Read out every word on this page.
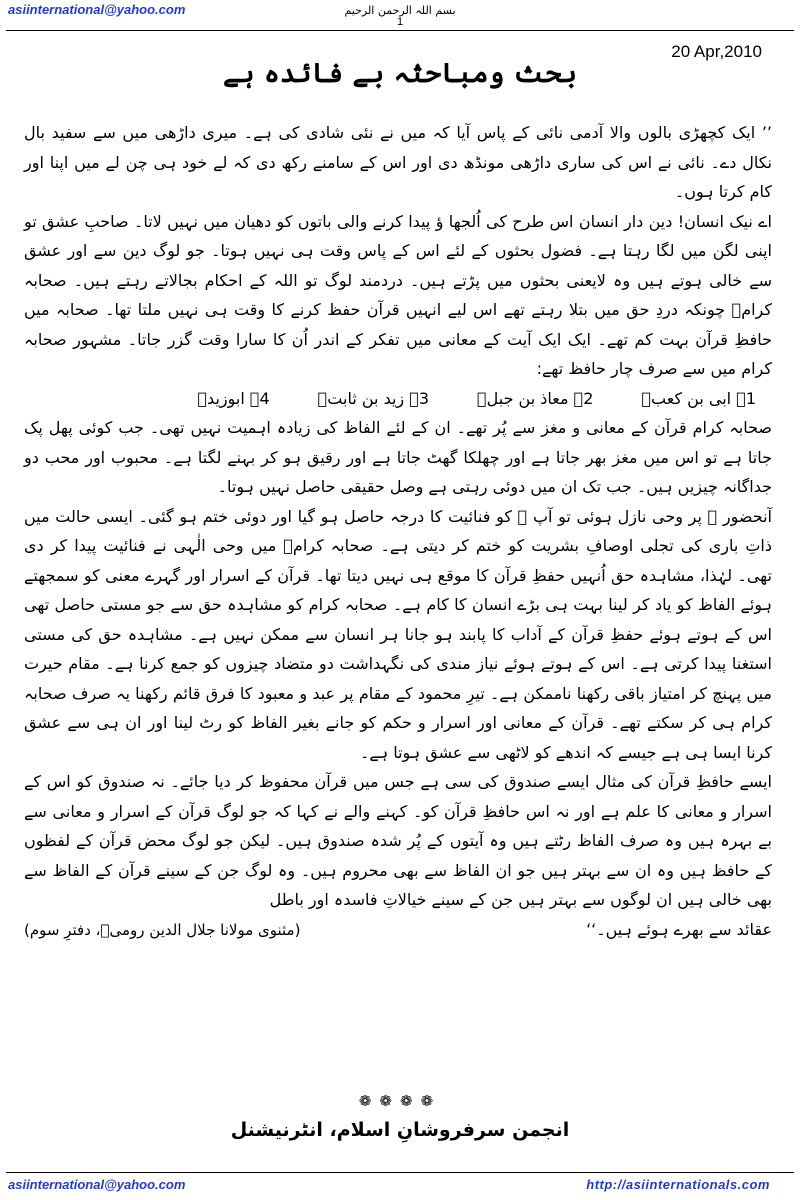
asiinternational@yahoo.com	بسم اللہ الرحمن الرحیم
1
20 Apr,2010
بحث ومباحثہ بے فائدہ ہے

’’ ایک کچھڑی بالوں والا آدمی نائی کے پاس آیا کہ میں نے نئی شادی کی ہے۔ میری داڑھی میں سے سفید بال نکال دے۔ نائی نے اس کی ساری داڑھی مونڈھ دی اور اس کے سامنے رکھ دی کہ لے خود ہی چن لے میں اپنا اور کام کرتا ہوں۔

اے نیک انسان! دین دار انسان اس طرح کی اُلجھا ؤ پیدا کرنے والی باتوں کو دھیان میں نہیں لاتا۔ صاحبِ عشق تو اپنی لگن میں لگا رہتا ہے۔ فضول بحثوں کے لئے اس کے پاس وقت ہی نہیں ہوتا۔ جو لوگ دین سے اور عشق سے خالی ہوتے ہیں وہ لایعنی بحثوں میں پڑتے ہیں۔ دردمند لوگ تو اللہ کے احکام بجالاتے رہتے ہیں۔ صحابہ کرامؓ چونکہ دردِ حق میں بتلا رہتے تھے اس لیے انہیں قرآن حفظ کرنے کا وقت ہی نہیں ملتا تھا۔ صحابہ میں حافظِ قرآن بہت کم تھے۔ ایک ایک آیت کے معانی میں تفکر کے اندر اُن کا سارا وقت گزر جاتا۔ مشہور صحابہ کرام میں سے صرف چار حافظ تھے:

1۔ ابی بن کعبؓ
2۔ معاذ بن جبلؓ
3۔ زید بن ثابتؓ
4۔ ابوزیدؓ

صحابہ کرام قرآن کے معانی و مغز سے پُر تھے۔ ان کے لئے الفاظ کی زیادہ اہمیت نہیں تھی۔ جب کوئی پھل پک جاتا ہے تو اس میں مغز بھر جاتا ہے اور چھلکا گھٹ جاتا ہے اور رقیق ہو کر بہنے لگتا ہے۔ محبوب اور محب دو جداگانہ چیزیں ہیں۔ جب تک ان میں دوئی رہتی ہے وصل حقیقی حاصل نہیں ہوتا۔

آنحضور ﷺ پر وحی نازل ہوئی تو آپ ﷺ کو فنائیت کا درجہ حاصل ہو گیا اور دوئی ختم ہو گئی۔ ایسی حالت میں ذاتِ باری کی تجلی اوصافِ بشریت کو ختم کر دیتی ہے۔ صحابہ کرامؓ میں وحی الٰہی نے فنائیت پیدا کر دی تھی۔ لہٰذا، مشاہدہ حق اُنہیں حفظِ قرآن کا موقع ہی نہیں دیتا تھا۔ قرآن کے اسرار اور گہرے معنی کو سمجھتے ہوئے الفاظ کو یاد کر لینا بہت ہی بڑے انسان کا کام ہے۔ صحابہ کرام کو مشاہدہ حق سے جو مستی حاصل تھی اس کے ہوتے ہوئے حفظِ قرآن کے آداب کا پابند ہو جانا ہر انسان سے ممکن نہیں ہے۔ مشاہدہ حق کی مستی استغنا پیدا کرتی ہے۔ اس کے ہوتے ہوئے نیاز مندی کی نگہداشت دو متضاد چیزوں کو جمع کرنا ہے۔ مقام حیرت میں پہنچ کر امتیاز باقی رکھنا ناممکن ہے۔ تیرِ محمود کے مقام پر عبد و معبود کا فرق قائم رکھنا یہ صرف صحابہ کرام ہی کر سکتے تھے۔ قرآن کے معانی اور اسرار و حکم کو جانے بغیر الفاظ کو رٹ لینا اور ان ہی سے عشق کرنا ایسا ہی ہے جیسے کہ اندھے کو لاٹھی سے عشق ہوتا ہے۔

ایسے حافظِ قرآن کی مثال ایسے صندوق کی سی ہے جس میں قرآن محفوظ کر دیا جائے۔ نہ صندوق کو اس کے اسرار و معانی کا علم ہے اور نہ اس حافظِ قرآن کو۔ کہنے والے نے کہا کہ جو لوگ قرآن کے اسرار و معانی سے بے بہرہ ہیں وہ صرف الفاظ رٹتے ہیں وہ آیتوں کے پُر شدہ صندوق ہیں۔ لیکن جو لوگ محض قرآن کے لفظوں کے حافظ ہیں وہ ان سے بہتر ہیں جو ان الفاظ سے بھی محروم ہیں۔ وہ لوگ جن کے سینے قرآن کے الفاظ سے بھی خالی ہیں ان لوگوں سے بہتر ہیں جن کے سینے خیالاتِ فاسدہ اور باطل

عقائد سے بھرے ہوئے ہیں۔‘‘
(مثنوی مولانا جلال الدین رومیؒ، دفترِ سوم)
❁❁❁❁
انجمن سرفروشانِ اسلام، انٹرنیشنل
asiinternational@yahoo.com	http://asiinternationals.com
